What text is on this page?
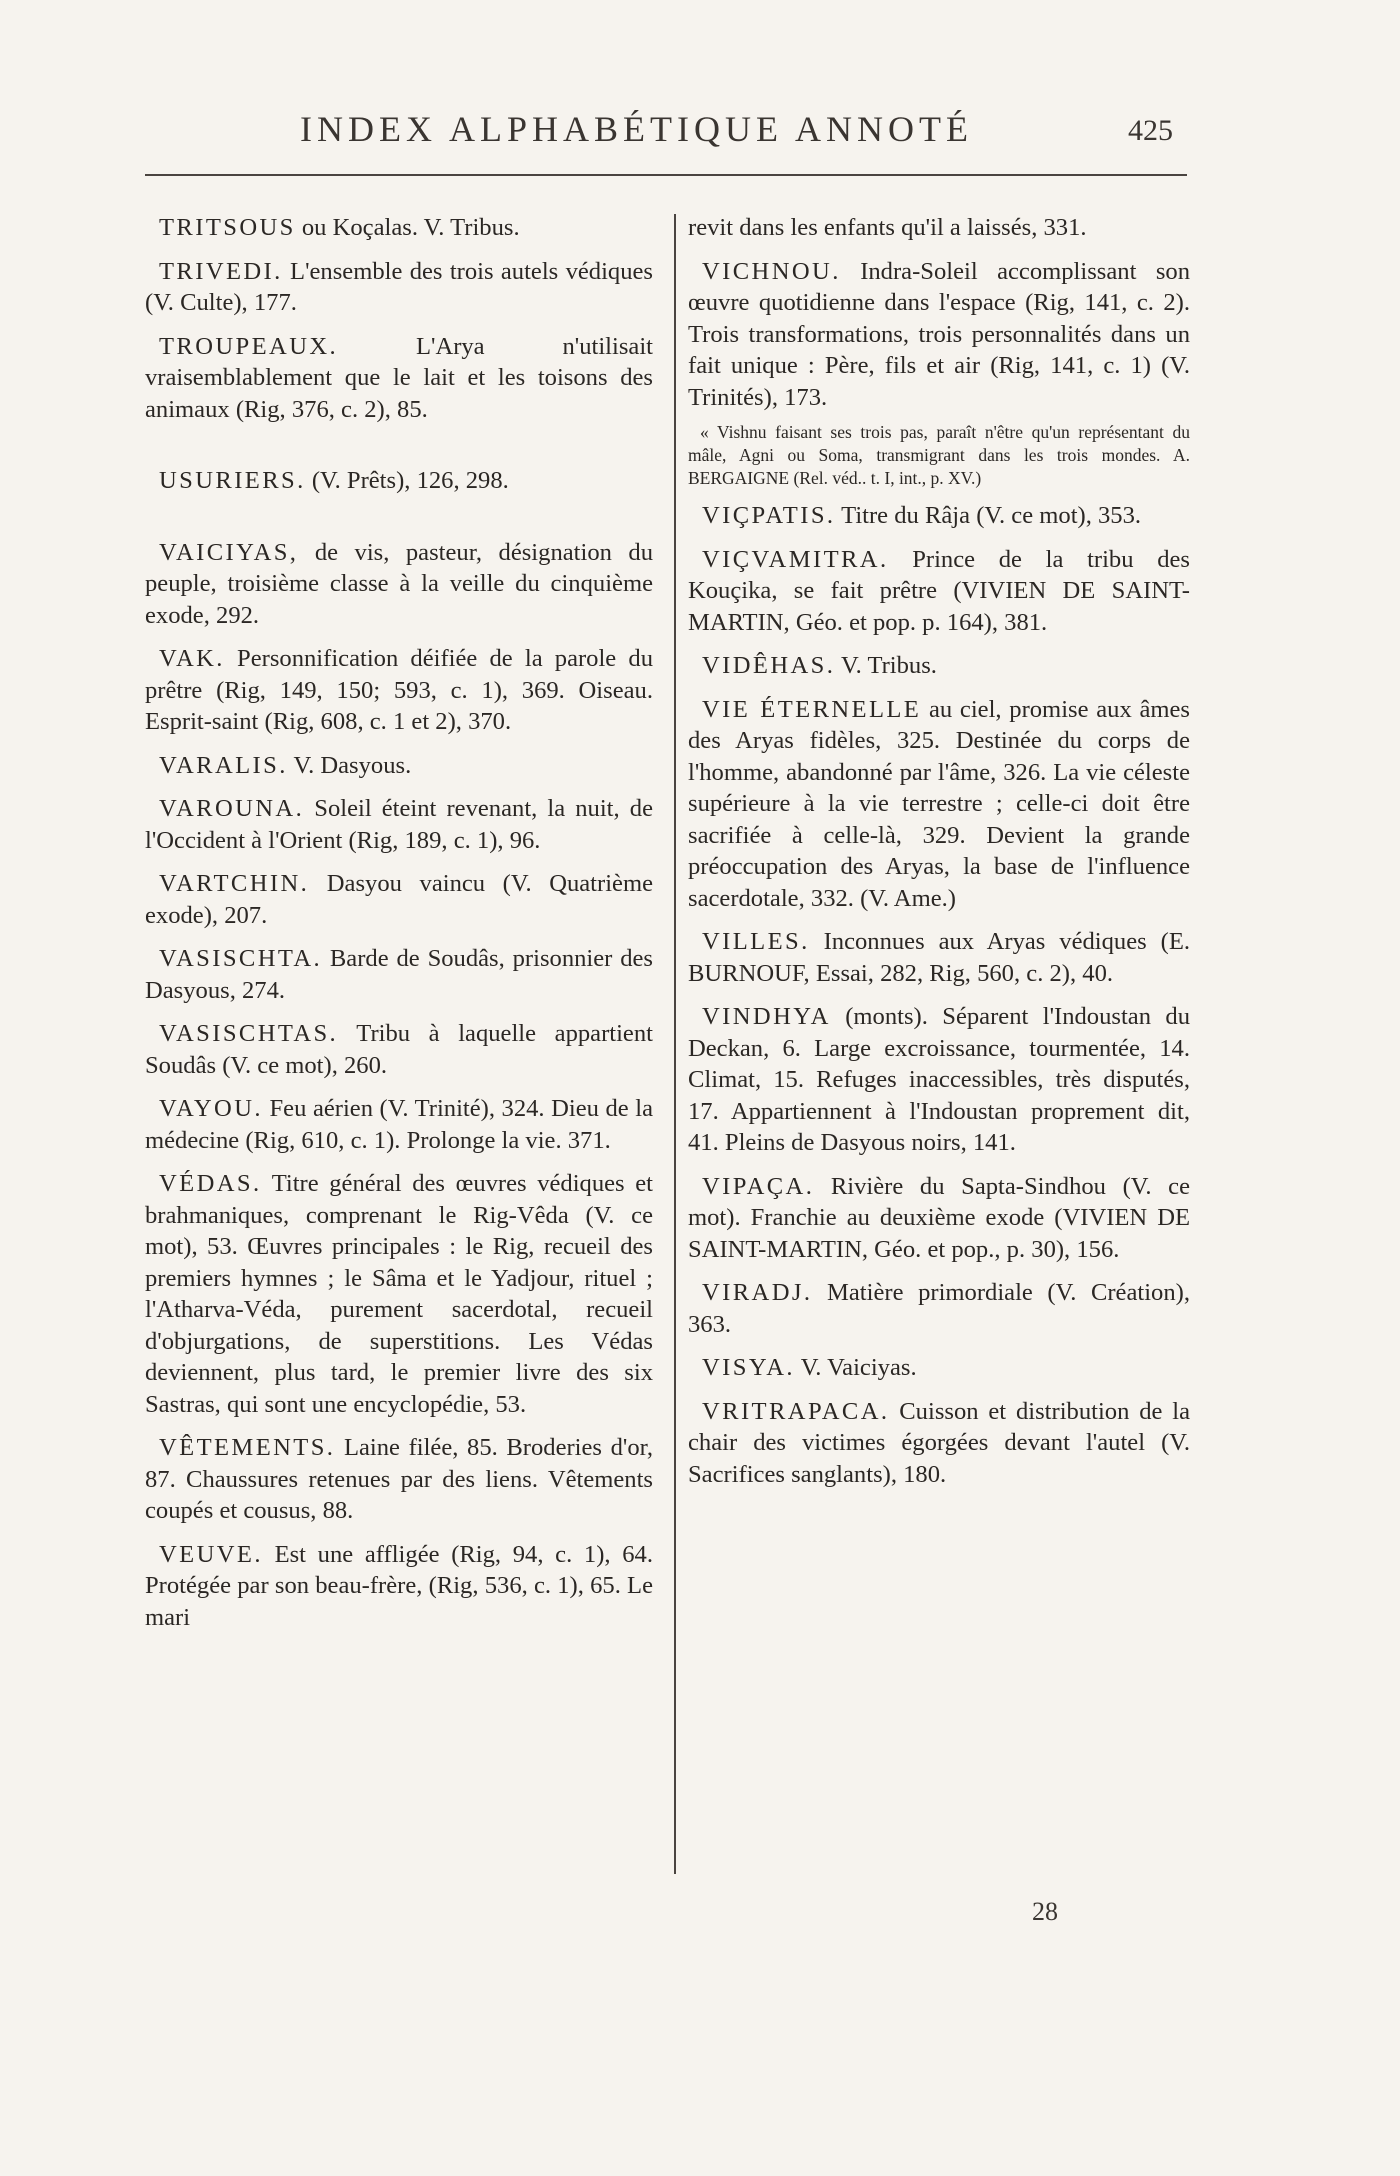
INDEX ALPHABÉTIQUE ANNOTÉ	425

TRITSOUS ou Koçalas. V. Tribus.

TRIVEDI. L'ensemble des trois autels védiques (V. Culte), 177.

TROUPEAUX.	L'Arya n'utilisait vraisemblablement que le lait et les toisons des animaux (Rig, 376, c. 2), 85.

USURIERS. (V. Prêts), 126, 298.

VAICIYAS, de vis, pasteur, désignation du peuple, troisième classe à la veille du cinquième exode, 292.

VAK. Personnification déifiée de la parole du prêtre (Rig, 149, 150; 593, c. 1), 369. Oiseau. Esprit-saint (Rig, 608, c. 1 et 2), 370.

VARALIS. V. Dasyous.

VAROUNA. Soleil éteint revenant, la nuit, de l'Occident à l'Orient (Rig, 189, c. 1), 96.

VARTCHIN. Dasyou vaincu (V. Quatrième exode), 207.

VASISCHTA. Barde de Soudâs, prisonnier des Dasyous, 274.

VASISCHTAS. Tribu à laquelle appartient Soudâs (V. ce mot), 260.

VAYOU. Feu aérien (V. Trinité), 324. Dieu de la médecine (Rig, 610, c. 1). Prolonge la vie. 371.

VÉDAS. Titre général des œuvres védiques et brahmaniques, comprenant le Rig-Vêda (V. ce mot), 53. Œuvres principales : le Rig, recueil des premiers hymnes ; le Sâma et le Yadjour, rituel ; l'Atharva-Véda, purement sacerdotal, recueil d'objurgations, de superstitions. Les Védas deviennent, plus tard, le premier livre des six Sastras, qui sont une encyclopédie, 53.

VÊTEMENTS. Laine filée, 85. Broderies d'or, 87. Chaussures retenues par des liens. Vêtements coupés et cousus, 88.

VEUVE. Est une affligée (Rig, 94, c. 1), 64. Protégée par son beau-frère, (Rig, 536, c. 1), 65. Le mari

revit dans les enfants qu'il a laissés, 331.

VICHNOU. Indra-Soleil accomplissant son œuvre quotidienne dans l'espace (Rig, 141, c. 2). Trois transformations, trois personnalités dans un fait unique : Père, fils et air (Rig, 141, c. 1) (V. Trinités), 173.

« Vishnu faisant ses trois pas, paraît n'être qu'un représentant du mâle, Agni ou Soma, transmigrant dans les trois mondes. A. BERGAIGNE (Rel. véd.. t. I, int., p. XV.)

VIÇPATIS. Titre du Râja (V. ce mot), 353.

VIÇVAMITRA. Prince de la tribu des Kouçika, se fait prêtre (VIVIEN DE SAINT-MARTIN, Géo. et pop. p. 164), 381.

VIDÊHAS. V. Tribus.

VIE ÉTERNELLE au ciel, promise aux âmes des Aryas fidèles, 325. Destinée du corps de l'homme, abandonné par l'âme, 326. La vie céleste supérieure à la vie terrestre ; celle-ci doit être sacrifiée à celle-là, 329. Devient la grande préoccupation des Aryas, la base de l'influence sacerdotale, 332. (V. Ame.)

VILLES. Inconnues aux Aryas védiques (E. BURNOUF, Essai, 282, Rig, 560, c. 2), 40.

VINDHYA (monts). Séparent l'Indoustan du Deckan, 6. Large excroissance, tourmentée, 14. Climat, 15. Refuges inaccessibles, très disputés, 17. Appartiennent à l'Indoustan proprement dit, 41. Pleins de Dasyous noirs, 141.

VIPAÇA. Rivière du Sapta-Sindhou (V. ce mot). Franchie au deuxième exode (VIVIEN DE SAINT-MARTIN, Géo. et pop., p. 30), 156.

VIRADJ. Matière primordiale (V. Création), 363.

VISYA. V. Vaiciyas.

VRITRAPACA. Cuisson et distribution de la chair des victimes égorgées devant l'autel (V. Sacrifices sanglants), 180.

28
